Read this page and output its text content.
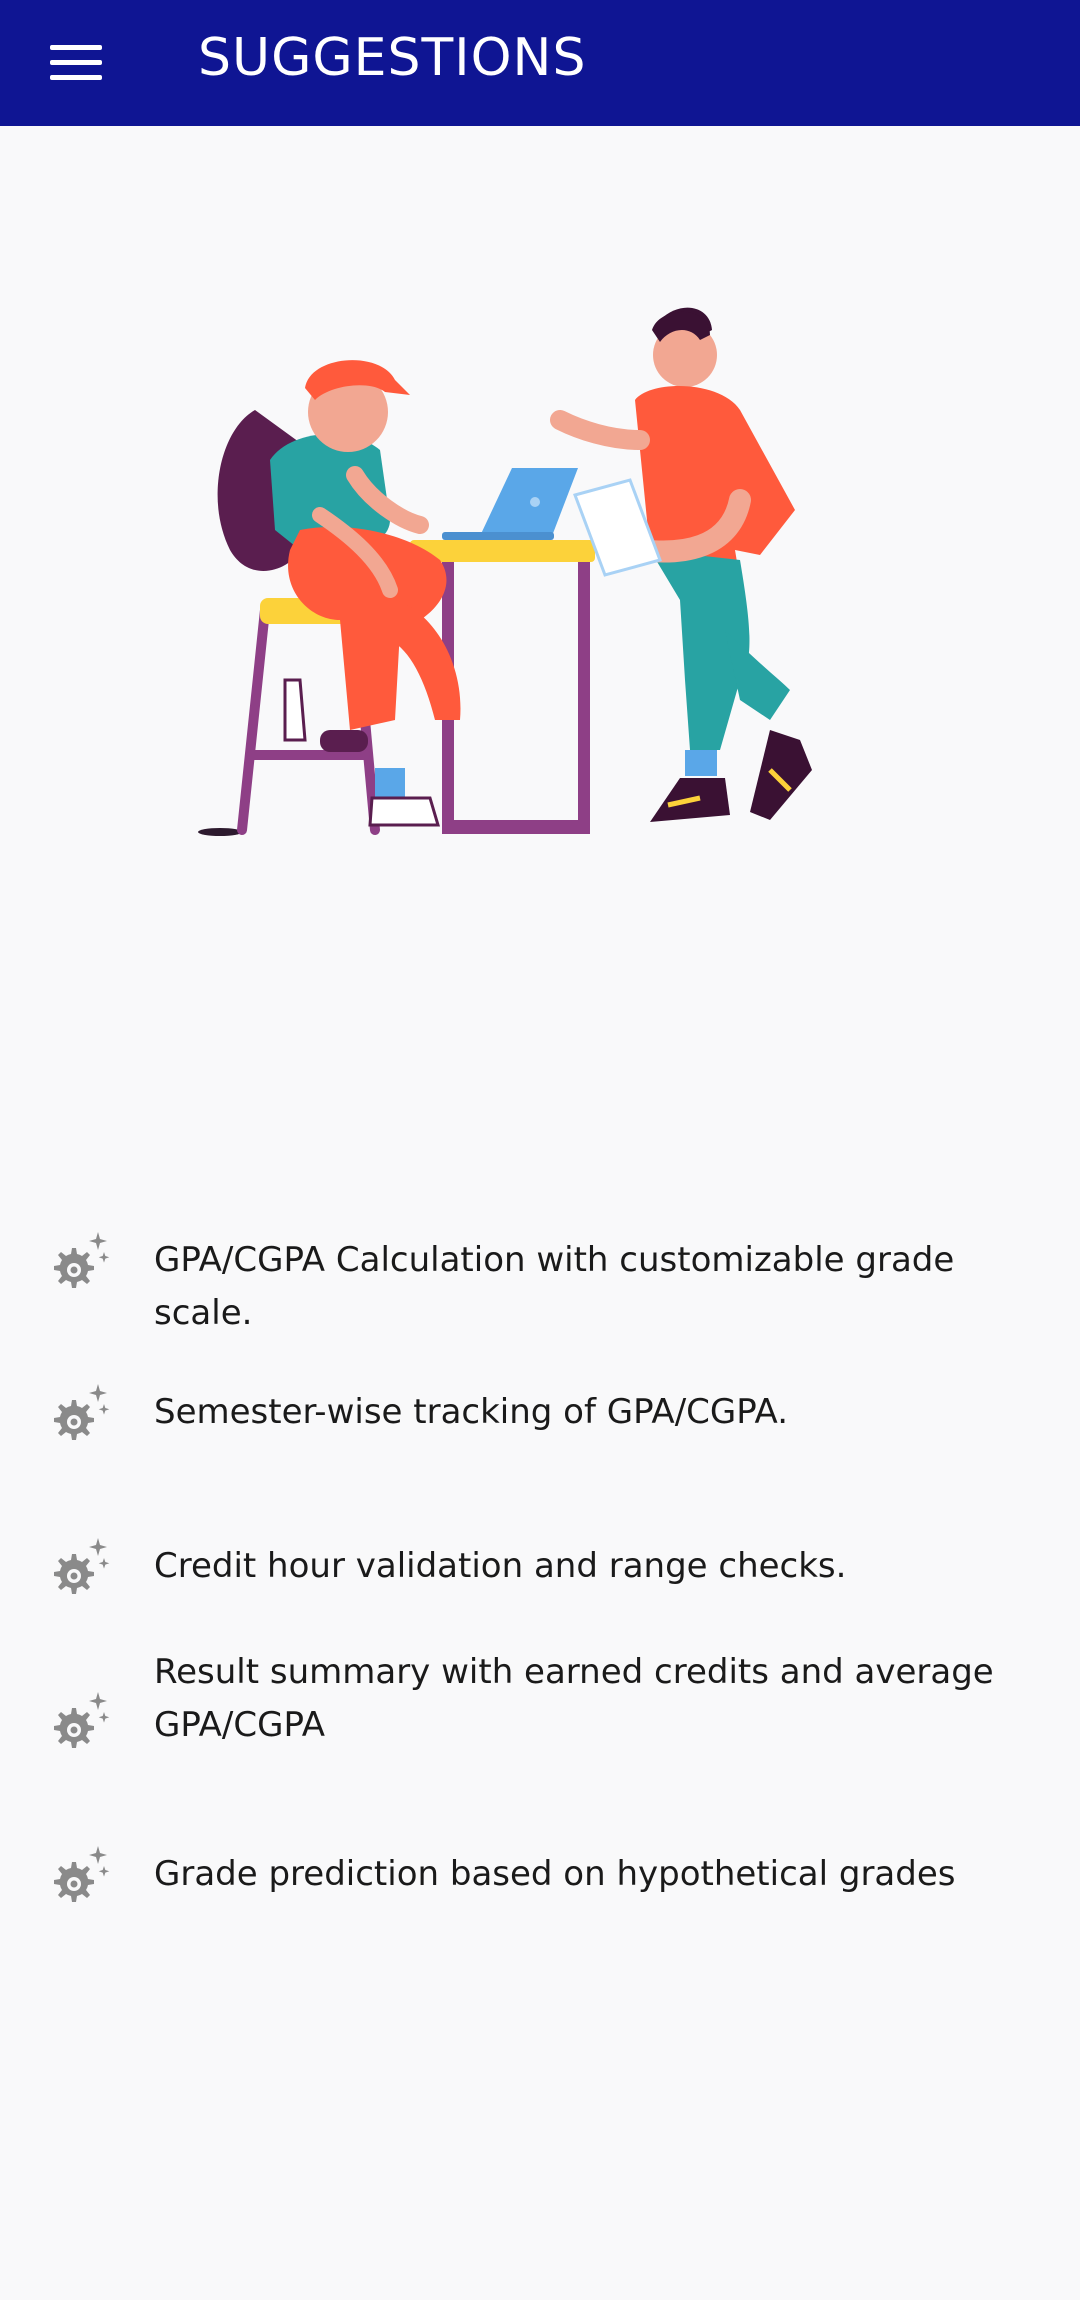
SUGGESTIONS
GPA/CGPA Calculation with customizable grade scale.
Semester-wise tracking of GPA/CGPA.
Credit hour validation and range checks.
Result summary with earned credits and average GPA/CGPA
Grade prediction based on hypothetical grades
